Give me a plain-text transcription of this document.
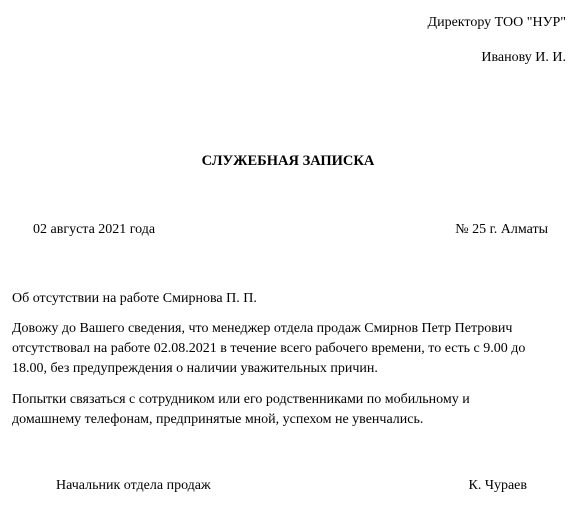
Директору ТОО "НУР"
Иванову И. И.
СЛУЖЕБНАЯ ЗАПИСКА
02 августа 2021 года	№ 25 г. Алматы
Об отсутствии на работе Смирнова П. П.

Довожу до Вашего сведения, что менеджер отдела продаж Смирнов Петр Петрович
отсутствовал на работе 02.08.2021 в течение всего рабочего времени, то есть с 9.00 до
18.00, без предупреждения о наличии уважительных причин.

Попытки связаться с сотрудником или его родственниками по мобильному и
домашнему телефонам, предпринятые мной, успехом не увенчались.

Начальник отдела продаж	К. Чураев
